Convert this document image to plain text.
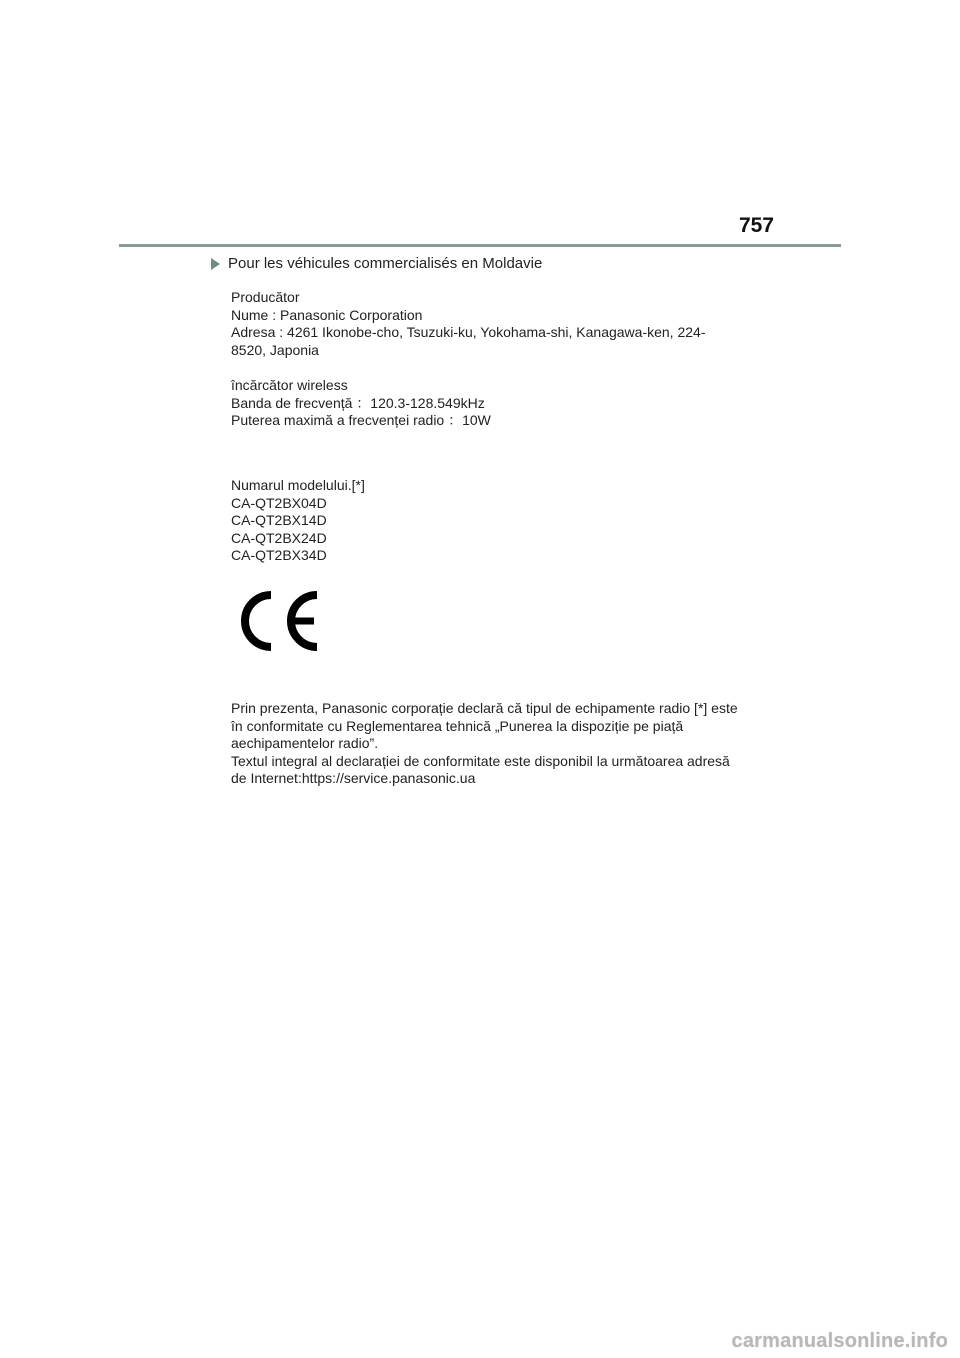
757
Pour les véhicules commercialisés en Moldavie
Producător
Nume : Panasonic Corporation
Adresa : 4261 Ikonobe-cho, Tsuzuki-ku, Yokohama-shi, Kanagawa-ken, 224-
8520, Japonia
încărcător wireless
Banda de frecvență ：120.3-128.549kHz
Puterea maximă a frecvenței radio ：10W
Numarul modelului.[*]
CA-QT2BX04D
CA-QT2BX14D
CA-QT2BX24D
CA-QT2BX34D
Prin prezenta, Panasonic corporație declară că tipul de echipamente radio [*] este
în conformitate cu Reglementarea tehnică „Punerea la dispoziție pe piață
aechipamentelor radio”.
Textul integral al declarației de conformitate este disponibil la următoarea adresă
de Internet:https://service.panasonic.ua
carmanualsonline.info
